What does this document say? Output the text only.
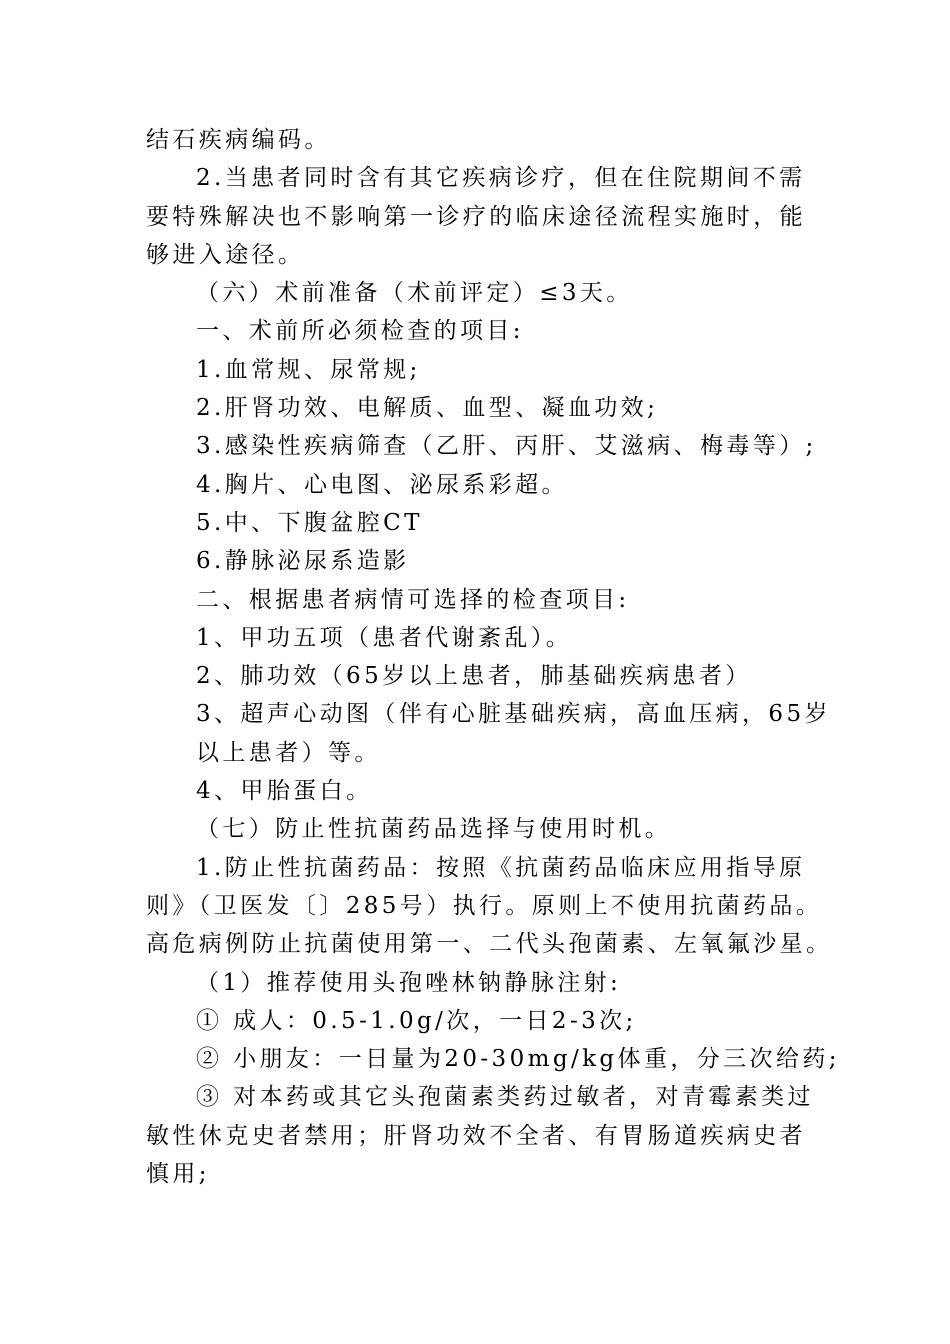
结石疾病编码。
2.当患者同时含有其它疾病诊疗，但在住院期间不需
要特殊解决也不影响第一诊疗的临床途径流程实施时，能
够进入途径。
（六）术前准备（术前评定）≤3天。
一、术前所必须检查的项目:
1.血常规、尿常规;
2.肝肾功效、电解质、血型、凝血功效;
3.感染性疾病筛查（乙肝、丙肝、艾滋病、梅毒等）;
4.胸片、心电图、泌尿系彩超。
5.中、下腹盆腔CT
6.静脉泌尿系造影
二、根据患者病情可选择的检查项目:
1、甲功五项（患者代谢紊乱）。
2、肺功效（65岁以上患者，肺基础疾病患者）
3、超声心动图（伴有心脏基础疾病，高血压病，65岁
以上患者）等。
4、甲胎蛋白。
（七）防止性抗菌药品选择与使用时机。
1.防止性抗菌药品：按照《抗菌药品临床应用指导原
则》（卫医发〔〕285号）执行。原则上不使用抗菌药品。
高危病例防止抗菌使用第一、二代头孢菌素、左氧氟沙星。
（1）推荐使用头孢唑林钠静脉注射:
① 成人：0.5-1.0g/次，一日2-3次;
② 小朋友：一日量为20-30mg/kg体重，分三次给药;
③ 对本药或其它头孢菌素类药过敏者，对青霉素类过
敏性休克史者禁用；肝肾功效不全者、有胃肠道疾病史者
慎用;
